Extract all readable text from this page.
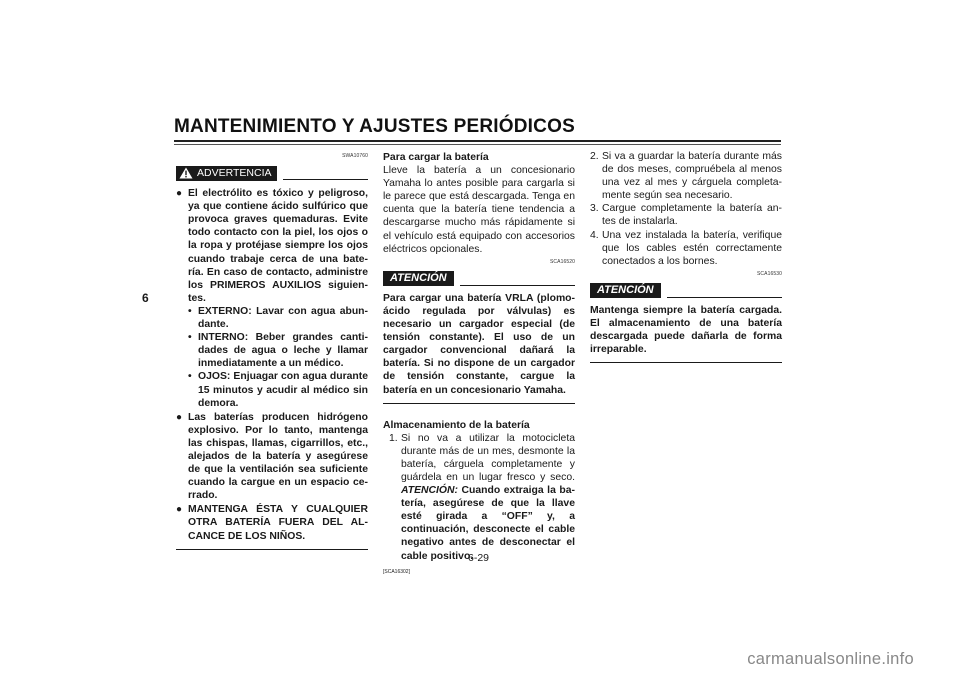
MANTENIMIENTO Y AJUSTES PERIÓDICOS
6
SWA10760
ADVERTENCIA
● El electrólito es tóxico y peligroso, ya que contiene ácido sulfúrico que provoca graves quemaduras. Evite todo contacto con la piel, los ojos o la ropa y protéjase siempre los ojos cuando trabaje cerca de una batería. En caso de contacto, administre los PRIMEROS AUXILIOS siguientes.
• EXTERNO: Lavar con agua abundante.
• INTERNO: Beber grandes cantidades de agua o leche y llamar inmediatamente a un médico.
• OJOS: Enjuagar con agua durante 15 minutos y acudir al médico sin demora.
● Las baterías producen hidrógeno explosivo. Por lo tanto, mantenga las chispas, llamas, cigarrillos, etc., alejados de la batería y asegúrese de que la ventilación sea suficiente cuando la cargue en un espacio cerrado.
● MANTENGA ÉSTA Y CUALQUIER OTRA BATERÍA FUERA DEL ALCANCE DE LOS NIÑOS.
Para cargar la batería
Lleve la batería a un concesionario Yamaha lo antes posible para cargarla si le parece que está descargada. Tenga en cuenta que la batería tiene tendencia a descargarse mucho más rápidamente si el vehículo está equipado con accesorios eléctricos opcionales.
SCA16520
ATENCIÓN
Para cargar una batería VRLA (plomo-ácido regulada por válvulas) es necesario un cargador especial (de tensión constante). El uso de un cargador convencional dañará la batería. Si no dispone de un cargador de tensión constante, cargue la batería en un concesionario Yamaha.
Almacenamiento de la batería
1. Si no va a utilizar la motocicleta durante más de un mes, desmonte la batería, cárguela completamente y guárdela en un lugar fresco y seco. ATENCIÓN: Cuando extraiga la batería, asegúrese de que la llave esté girada a “OFF” y, a continuación, desconecte el cable negativo antes de desconectar el cable positivo.
[SCA16302]
2. Si va a guardar la batería durante más de dos meses, compruébela al menos una vez al mes y cárguela completamente según sea necesario.
3. Cargue completamente la batería antes de instalarla.
4. Una vez instalada la batería, verifique que los cables estén correctamente conectados a los bornes.
SCA16530
ATENCIÓN
Mantenga siempre la batería cargada. El almacenamiento de una batería descargada puede dañarla de forma irreparable.
6-29
carmanualsonline.info
